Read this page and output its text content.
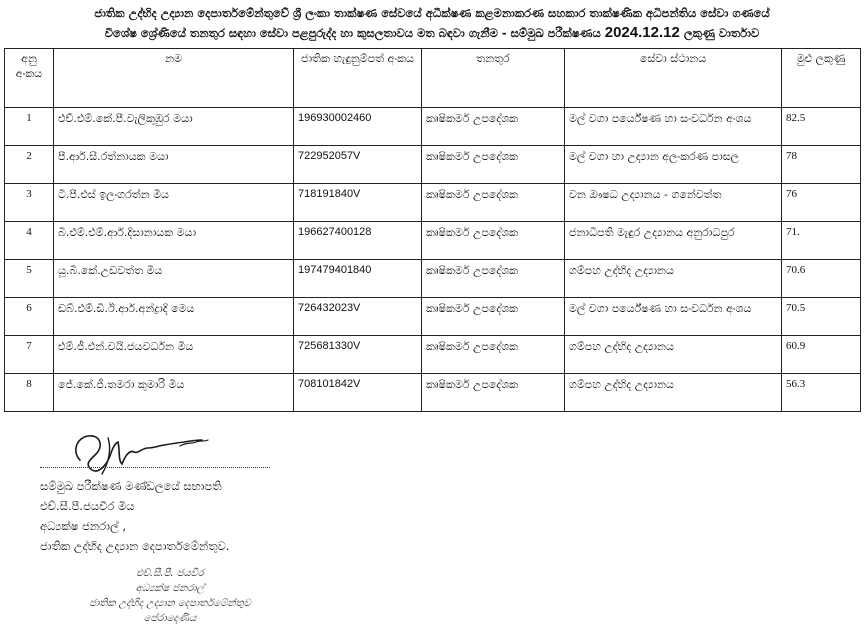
ජාතික උද්භිද උද්‍යාන දෙපාර්තමේන්තුවේ ශ්‍රී ලංකා තාක්ෂණ සේවයේ අධීක්ෂණ කළමනාකරණ සහකාර තාක්ෂණික අධිපන්තිය සේවා ගණයේ
විශේෂ ශ්‍රේණියේ තනතුර සඳහා සේවා පළපුරුද්ද හා කුසලතාවය මත බඳවා ගැනීම - සම්මුඛ පරීක්ෂණය 2024.12.12 ලකුණු වාර්තාව
අනු අංකය	නම	ජාතික හැඳුනුම්පත් අංකය	තනතුර	සේවා ස්ථානය	මුළු ලකුණු
1	එච්.එම්.කේ.පී.වැලිකුඹුර මයා	196930002460	කෘෂිකර්ම උපදේශක	මල් වගා පර්යේෂණ හා සංවර්ධන අංශය	82.5
2	පී.ආර්.සී.රත්නායක මයා	722952057V	කෘෂිකර්ම උපදේශක	මල් වගා හා උද්‍යාන අලංකරණ පාසල	78
3	ටී.පී.එස් ඉලංගරත්න මිය	718191840V	කෘෂිකර්ම උපදේශක	වන ඖෂධ උද්‍යානය - ගනේවත්ත	76
4	බී.එම්.එම්.ආර්.දිසානායක මයා	196627400128	කෘෂිකර්ම උපදේශක	ජනාධිපති මැඳුර උද්‍යානය අනුරාධපුර	71.
5	යූ.බී.කේ.උඩවත්ත මිය	197479401840	කෘෂිකර්ම උපදේශක	ගම්පහ උද්භිද උද්‍යානය	70.6
6	ඩබ්.එම්.ඩී.ඊ.ආර්.අන්ද්‍රාදි මෙය	726432023V	කෘෂිකර්ම උපදේශක	මල් වගා පර්යේෂණ හා සංවර්ධන අංශය	70.5
7	එම්.ජී.එන්.වයි.ජයවර්ධන මිය	725681330V	කෘෂිකර්ම උපදේශක	ගම්පහ උද්භිද උද්‍යානය	60.9
8	ජේ.කේ.ජී.තමරා කුමාරි මිය	708101842V	කෘෂිකර්ම උපදේශක	ගම්පහ උද්භිද උද්‍යානය	56.3
සම්මුඛ පරීක්ෂණ මණ්ඩලයේ සභාපති
එච්.සී.පී.ජයවීර මිය
අධ්‍යක්ෂ ජනරාල් ,
ජාතික උද්භිද උද්‍යාන දෙපාර්තමේන්තුව.
එච්.සී.පී. ජයවීර
අධ්‍යක්ෂ ජනරාල්
ජාතික උද්භිද උද්‍යාන දෙපාර්තමේන්තුව
පේරාදෙණිය
